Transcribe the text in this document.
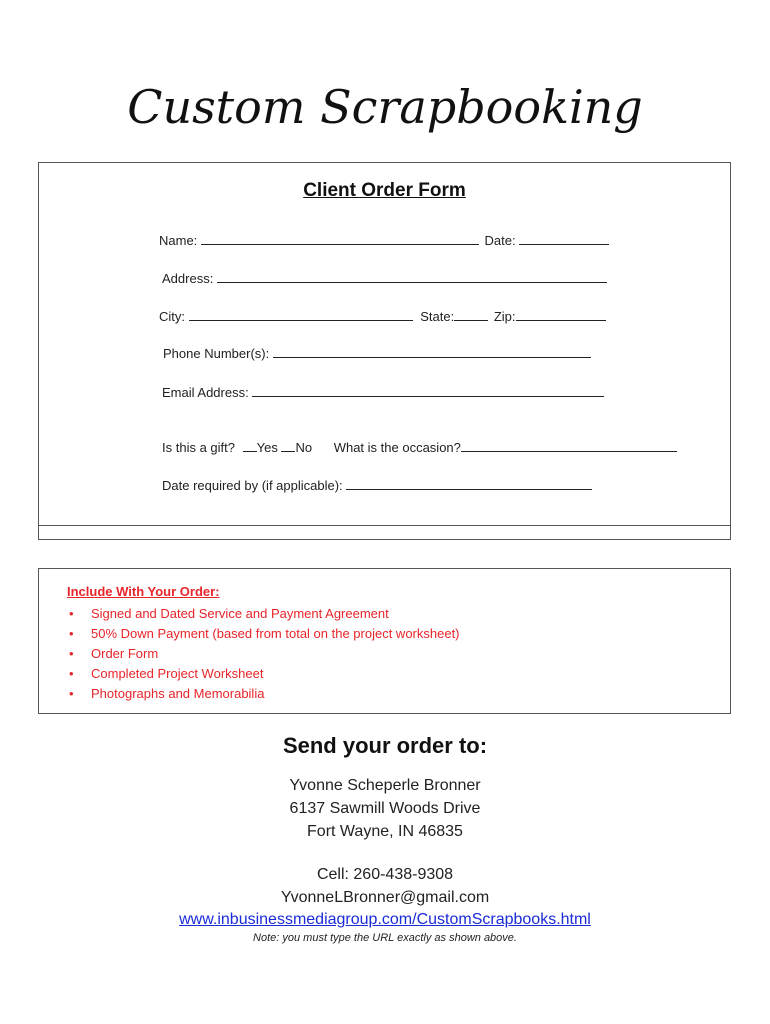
Custom Scrapbooking
Client Order Form
Name:	Date:
Address:
City:	State:	Zip:
Phone Number(s):
Email Address:
Is this a gift? Yes No What is the occasion?
Date required by (if applicable):
Include With Your Order:
• Signed and Dated Service and Payment Agreement
• 50% Down Payment (based from total on the project worksheet)
• Order Form
• Completed Project Worksheet
• Photographs and Memorabilia
Send your order to:
Yvonne Scheperle Bronner
6137 Sawmill Woods Drive
Fort Wayne, IN 46835
Cell: 260-438-9308
YvonneLBronner@gmail.com
www.inbusinessmediagroup.com/CustomScrapbooks.html
Note: you must type the URL exactly as shown above.
